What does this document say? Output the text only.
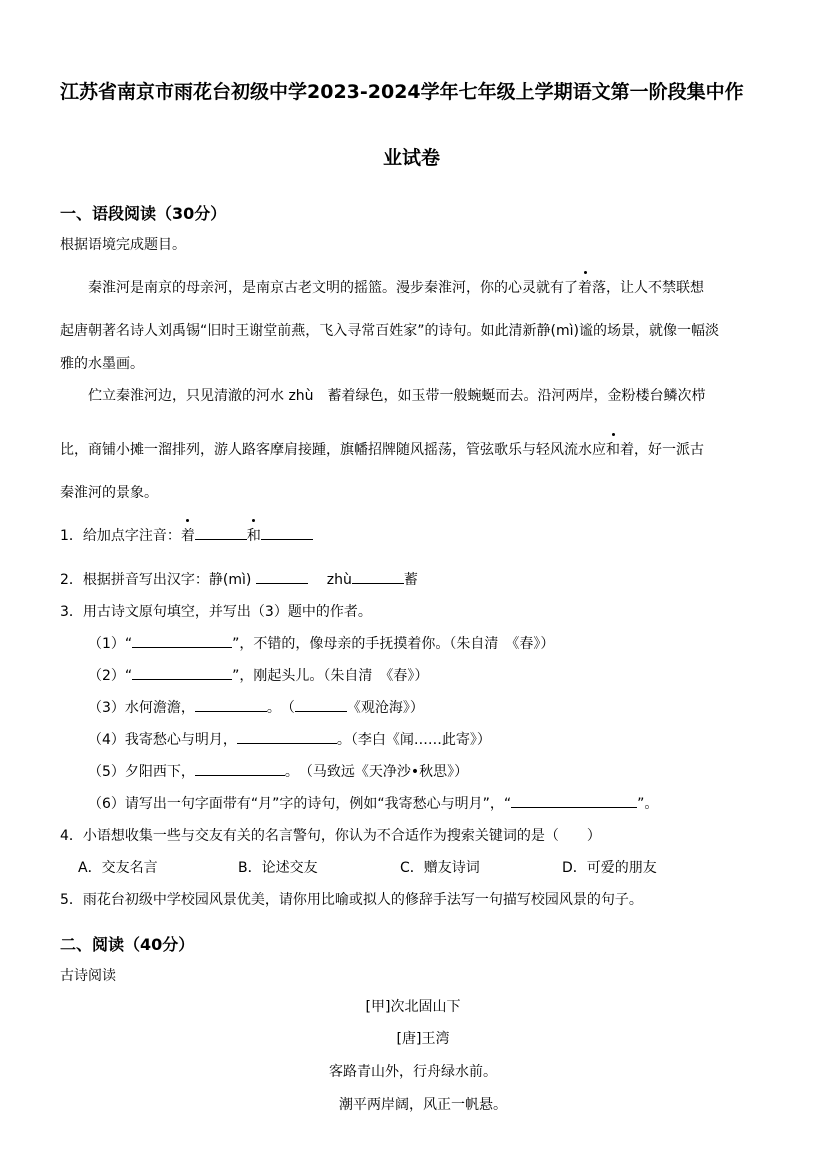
江苏省南京市雨花台初级中学2023-2024学年七年级上学期语文第一阶段集中作
业试卷
一、语段阅读（30分）
根据语境完成题目。
秦淮河是南京的母亲河，是南京古老文明的摇篮。漫步秦淮河，你的心灵就有了着落，让人不禁联想
起唐朝著名诗人刘禹锡“旧时王谢堂前燕，飞入寻常百姓家”的诗句。如此清新静(mì)谧的场景，就像一幅淡
雅的水墨画。
伫立秦淮河边，只见清澈的河水 zhù　蓄着绿色，如玉带一般蜿蜒而去。沿河两岸，金粉楼台鳞次栉
比，商铺小摊一溜排列，游人路客摩肩接踵，旗幡招牌随风摇荡，管弦歌乐与轻风流水应和着，好一派古
秦淮河的景象。
1．给加点字注音：着	和
2．根据拼音写出汉字：静(mì)	zhù	蓄
3．用古诗文原句填空，并写出（3）题中的作者。
（1）“	”，不错的，像母亲的手抚摸着你。（朱自清　《春》）
（2）“	”，刚起头儿。（朱自清　《春》）
（3）水何澹澹，	。　（	《观沧海》）
（4）我寄愁心与明月，	。（李白《闻……此寄》）
（5）夕阳西下，	。　（马致远《天净沙•秋思》）
（6）请写出一句字面带有“月”字的诗句，例如“我寄愁心与明月”，“	”。
4．小语想收集一些与交友有关的名言警句，你认为不合适作为搜索关键词的是（　　）
A．交友名言	B．论述交友	C．赠友诗词	D．可爱的朋友
5．雨花台初级中学校园风景优美，请你用比喻或拟人的修辞手法写一句描写校园风景的句子。
二、阅读（40分）
古诗阅读
[甲]次北固山下
[唐]王湾
客路青山外，行舟绿水前。
潮平两岸阔，风正一帆悬。
